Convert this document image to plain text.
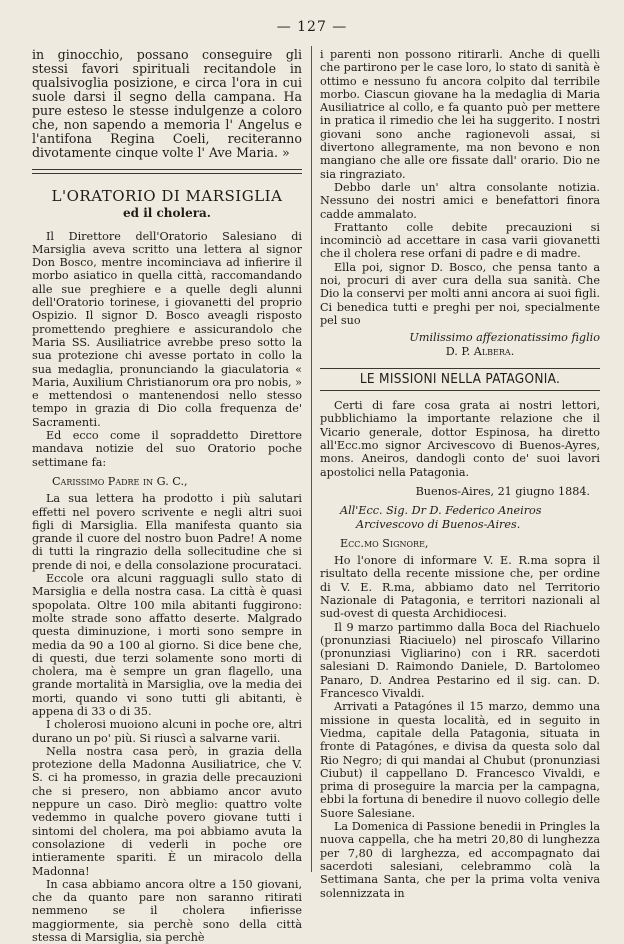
— 127 —

in ginocchio, possano conseguire gli stessi favori spirituali recitandole in qualsivoglia posizione, e circa l'ora in cui suole darsi il segno della campana. Ha pure esteso le stesse indulgenze a coloro che, non sapendo a memoria l' Angelus e l'antifona Regina Coeli, reciteranno divotamente cinque volte l' Ave Maria. »

L'ORATORIO DI MARSIGLIA
ed il cholera.

Il Direttore dell'Oratorio Salesiano di Marsiglia aveva scritto una lettera al signor Don Bosco, mentre incominciava ad infierire il morbo asiatico in quella città, raccomandando alle sue preghiere e a quelle degli alunni dell'Oratorio torinese, i giovanetti del proprio Ospizio. Il signor D. Bosco aveagli risposto promettendo preghiere e assicurandolo che Maria SS. Ausiliatrice avrebbe preso sotto la sua protezione chi avesse portato in collo la sua medaglia, pronunciando la giaculatoria « Maria, Auxilium Christianorum ora pro nobis, » e mettendosi o mantenendosi nello stesso tempo in grazia di Dio colla frequenza de' Sacramenti.

Ed ecco come il sopraddetto Direttore mandava notizie del suo Oratorio poche settimane fa:

Carissimo Padre in G. C.,

La sua lettera ha prodotto i più salutari effetti nel povero scrivente e negli altri suoi figli di Marsiglia. Ella manifesta quanto sia grande il cuore del nostro buon Padre! A nome di tutti la ringrazio della sollecitudine che si prende di noi, e della consolazione procurataci.

Eccole ora alcuni ragguagli sullo stato di Marsiglia e della nostra casa. La città è quasi spopolata. Oltre 100 mila abitanti fuggirono: molte strade sono affatto deserte. Malgrado questa diminuzione, i morti sono sempre in media da 90 a 100 al giorno. Si dice bene che, di questi, due terzi solamente sono morti di cholera, ma è sempre un gran flagello, una grande mortalità in Marsiglia, ove la media dei morti, quando vi sono tutti gli abitanti, è appena di 33 o di 35.

I cholerosi muoiono alcuni in poche ore, altri durano un po' più. Si riuscì a salvarne varii.

Nella nostra casa però, in grazia della protezione della Madonna Ausiliatrice, che V. S. ci ha promesso, in grazia delle precauzioni che si presero, non abbiamo ancor avuto neppure un caso. Dirò meglio: quattro volte vedemmo in qualche povero giovane tutti i sintomi del cholera, ma poi abbiamo avuta la consolazione di vederli in poche ore intieramente spariti. È un miracolo della Madonna!

In casa abbiamo ancora oltre a 150 giovani, che da quanto pare non saranno ritirati nemmeno se il cholera infierisse maggiormente, sia perchè sono della città stessa di Marsiglia, sia perchè

i parenti non possono ritirarli. Anche di quelli che partirono per le case loro, lo stato di sanità è ottimo e nessuno fu ancora colpito dal terribile morbo. Ciascun giovane ha la medaglia di Maria Ausiliatrice al collo, e fa quanto può per mettere in pratica il rimedio che lei ha suggerito. I nostri giovani sono anche ragionevoli assai, si divertono allegramente, ma non bevono e non mangiano che alle ore fissate dall' orario. Dio ne sia ringraziato.

Debbo darle un' altra consolante notizia. Nessuno dei nostri amici e benefattori finora cadde ammalato.

Frattanto colle debite precauzioni si incominciò ad accettare in casa varii giovanetti che il cholera rese orfani di padre e di madre.

Ella poi, signor D. Bosco, che pensa tanto a noi, procuri di aver cura della sua sanità. Che Dio la conservi per molti anni ancora ai suoi figli. Ci benedica tutti e preghi per noi, specialmente pel suo

Umilissimo affezionatissimo figlio
D. P. Albera.
LE MISSIONI NELLA PATAGONIA.

Certi di fare cosa grata ai nostri lettori, pubblichiamo la importante relazione che il Vicario generale, dottor Espinosa, ha diretto all'Ecc.mo signor Arcivescovo di Buenos-Ayres, mons. Aneiros, dandogli conto de' suoi lavori apostolici nella Patagonia.

Buenos-Aires, 21 giugno 1884.
All'Ecc. Sig. Dr D. Federico Aneiros
Arcivescovo di Buenos-Aires.
Ecc.mo Signore,

Ho l'onore di informare V. E. R.ma sopra il risultato della recente missione che, per ordine di V. E. R.ma, abbiamo dato nel Territorio Nazionale di Patagonia, e territori nazionali al sud-ovest di questa Archidiocesi.

Il 9 marzo partimmo dalla Boca del Riachuelo (pronunziasi Riaciuelo) nel piroscafo Villarino (pronunziasi Vigliarino) con i RR. sacerdoti salesiani D. Raimondo Daniele, D. Bartolomeo Panaro, D. Andrea Pestarino ed il sig. can. D. Francesco Vivaldi.

Arrivati a Patagónes il 15 marzo, demmo una missione in questa località, ed in seguito in Viedma, capitale della Patagonia, situata in fronte di Patagónes, e divisa da questa solo dal Rio Negro; di qui mandai al Chubut (pronunziasi Ciubut) il cappellano D. Francesco Vivaldi, e prima di proseguire la marcia per la campagna, ebbi la fortuna di benedire il nuovo collegio delle Suore Salesiane.

La Domenica di Passione benedii in Pringles la nuova cappella, che ha metri 20,80 di lunghezza per 7,80 di larghezza, ed accompagnato dai sacerdoti salesiani, celebrammo colà la Settimana Santa, che per la prima volta veniva solennizzata in
